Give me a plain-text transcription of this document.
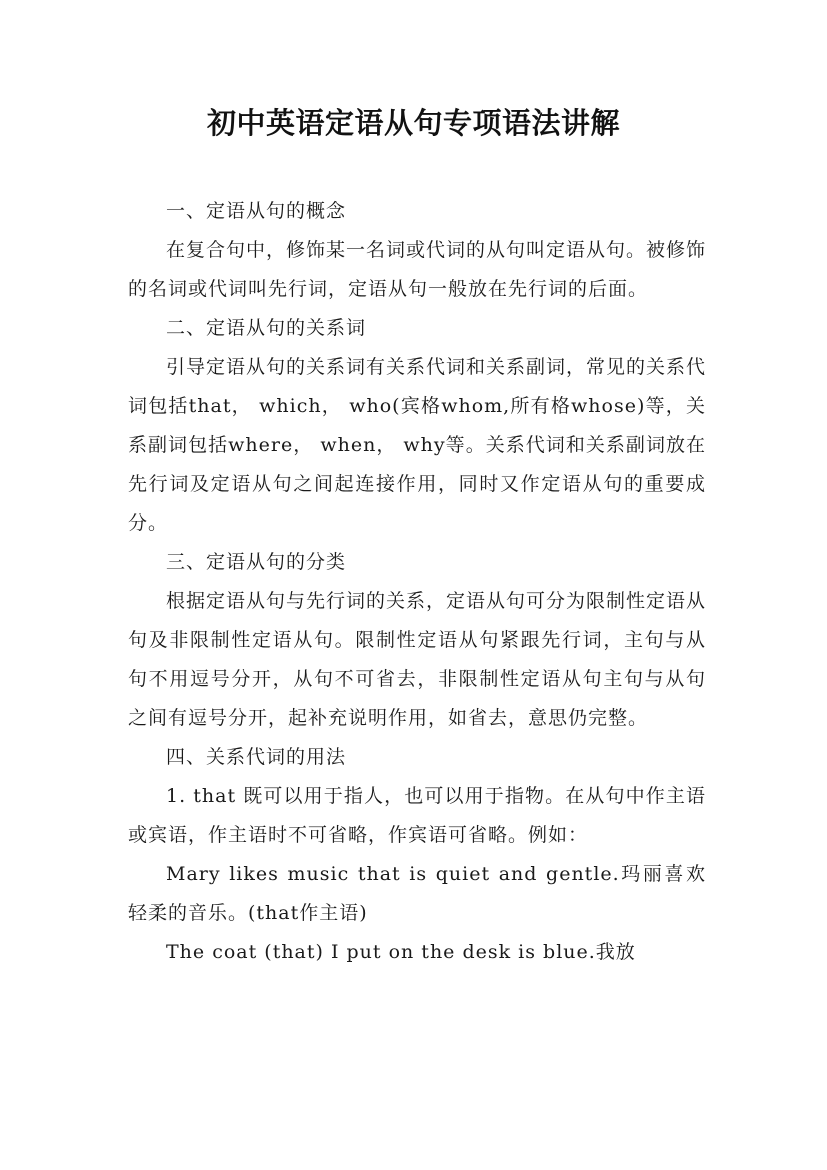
初中英语定语从句专项语法讲解

一、定语从句的概念

在复合句中，修饰某一名词或代词的从句叫定语从句。被修饰的名词或代词叫先行词，定语从句一般放在先行词的后面。

二、定语从句的关系词

引导定语从句的关系词有关系代词和关系副词，常见的关系代词包括that， which， who(宾格whom,所有格whose)等，关系副词包括where， when， why等。关系代词和关系副词放在先行词及定语从句之间起连接作用，同时又作定语从句的重要成分。

三、定语从句的分类

根据定语从句与先行词的关系，定语从句可分为限制性定语从句及非限制性定语从句。限制性定语从句紧跟先行词，主句与从句不用逗号分开，从句不可省去，非限制性定语从句主句与从句之间有逗号分开，起补充说明作用，如省去，意思仍完整。

四、关系代词的用法

1. that 既可以用于指人，也可以用于指物。在从句中作主语或宾语，作主语时不可省略，作宾语可省略。例如：

Mary likes music that is quiet and gentle.玛丽喜欢轻柔的音乐。(that作主语)

The coat (that) I put on the desk is blue.我放
